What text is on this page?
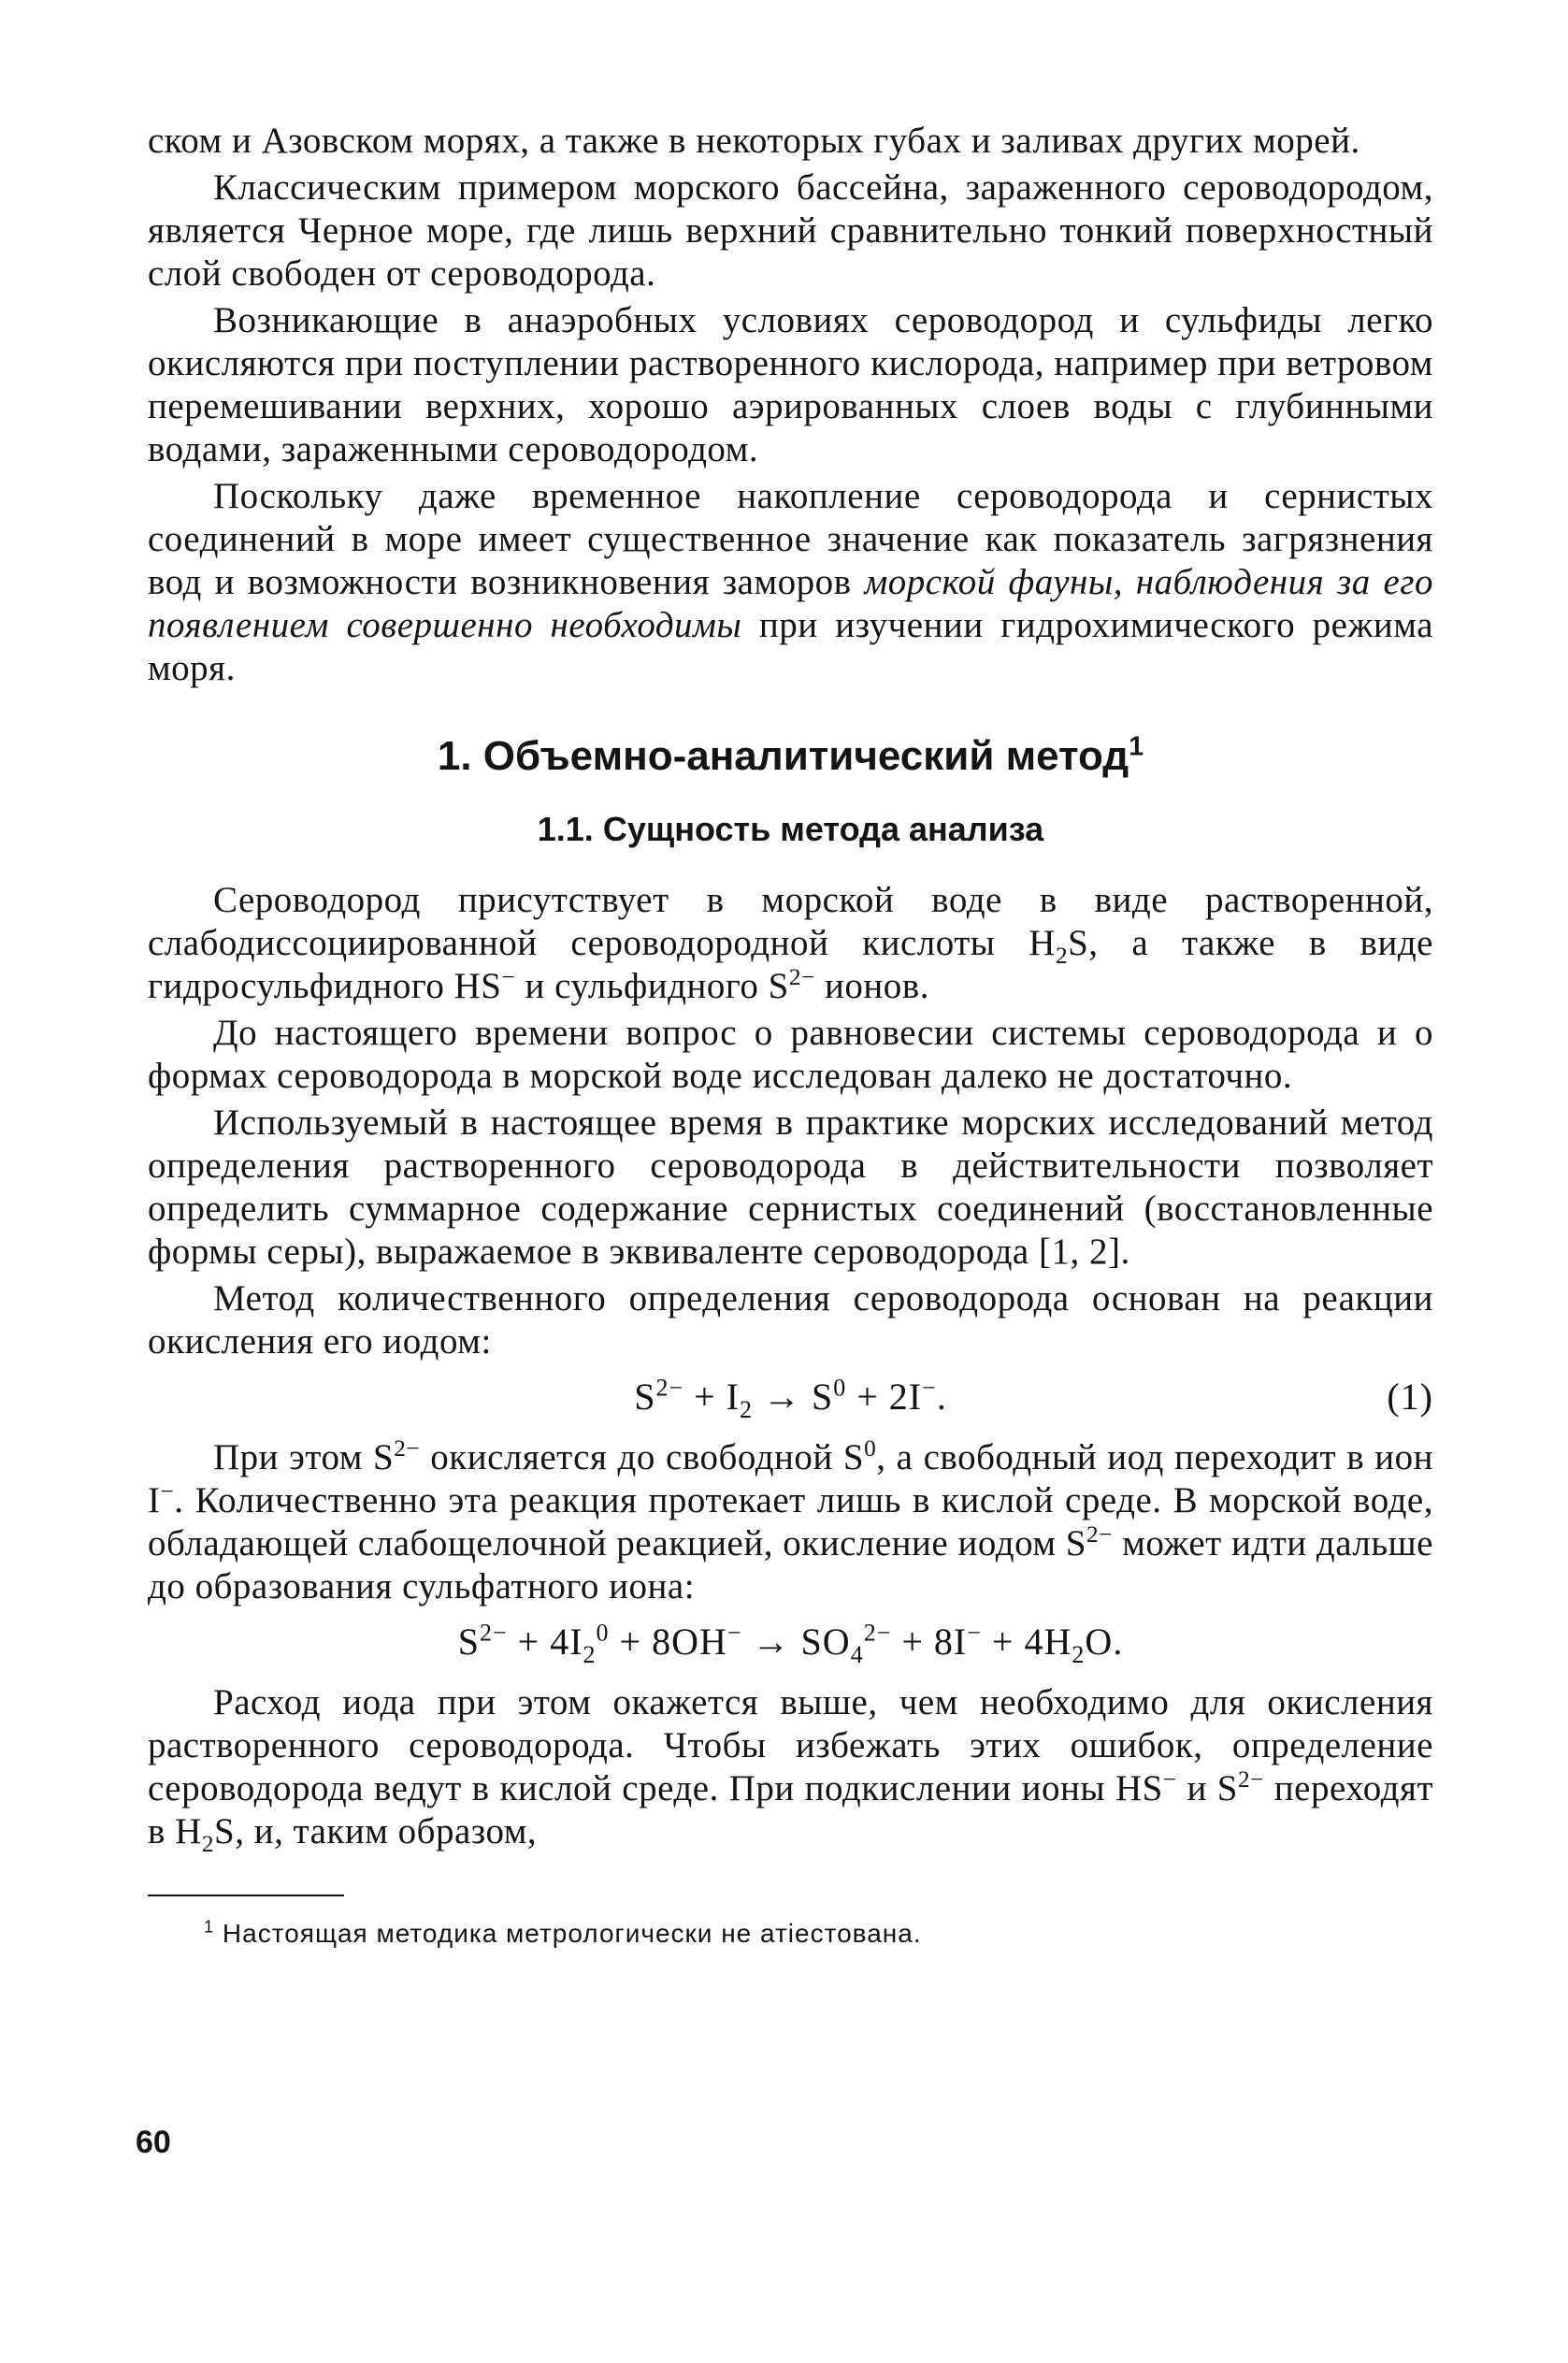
ском и Азовском морях, а также в некоторых губах и заливах других морей.

Классическим примером морского бассейна, зараженного сероводородом, является Черное море, где лишь верхний сравнительно тонкий поверхностный слой свободен от сероводорода.

Возникающие в анаэробных условиях сероводород и сульфиды легко окисляются при поступлении растворенного кислорода, например при ветровом перемешивании верхних, хорошо аэрированных слоев воды с глубинными водами, зараженными сероводородом.

Поскольку даже временное накопление сероводорода и сернистых соединений в море имеет существенное значение как показатель загрязнения вод и возможности возникновения заморов морской фауны, наблюдения за его появлением совершенно необходимы при изучении гидрохимического режима моря.

1. Объемно-аналитический метод$^1$
1.1. Сущность метода анализа

Сероводород присутствует в морской воде в виде растворенной, слабодиссоциированной сероводородной кислоты $H_2S$, а также в виде гидросульфидного HS− и сульфидного $S^{2-}$ ионов.

До настоящего времени вопрос о равновесии системы сероводорода и о формах сероводорода в морской воде исследован далеко не достаточно.

Используемый в настоящее время в практике морских исследований метод определения растворенного сероводорода в действительности позволяет определить суммарное содержание сернистых соединений (восстановленные формы серы), выражаемое в эквиваленте сероводорода [1, 2].

Метод количественного определения сероводорода основан на реакции окисления его иодом:

$S^{2-} + I_2 \to S^0 + 2I^-$.	(1)

При этом $S^{2-}$ окисляется до свободной $S^0$, а свободный иод переходит в ион I−. Количественно эта реакция протекает лишь в кислой среде. В морской воде, обладающей слабощелочной реакцией, окисление иодом $S^{2-}$ может идти дальше до образования сульфатного иона:

$S^{2-} + 4I_2^0 + 8OH^- \to SO_4^{2-} + 8I^- + 4H_2O$.

Расход иода при этом окажется выше, чем необходимо для окисления растворенного сероводорода. Чтобы избежать этих ошибок, определение сероводорода ведут в кислой среде. При подкислении ионы HS− и $S^{2-}$ переходят в $H_2S$, и, таким образом,

$^1$ Настоящая методика метрологически не атіестована.
60
